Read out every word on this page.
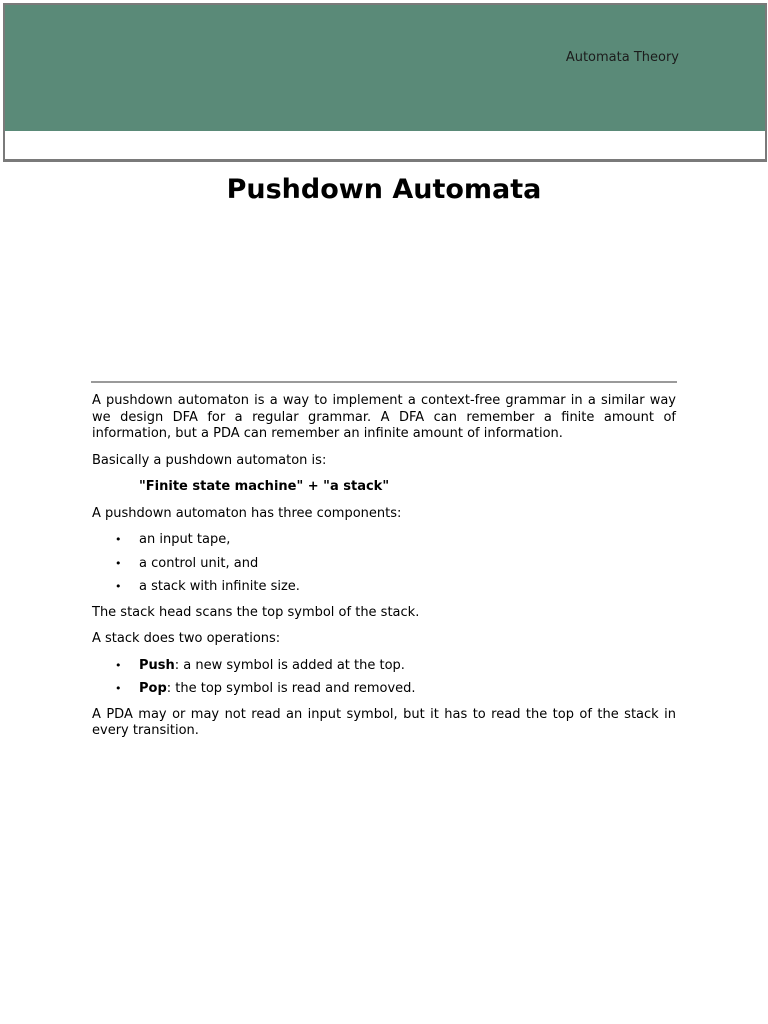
Automata Theory
Pushdown Automata

A pushdown automaton is a way to implement a context-free grammar in a similar way we design DFA for a regular grammar. A DFA can remember a finite amount of information, but a PDA can remember an infinite amount of information.

Basically a pushdown automaton is:

"Finite state machine" + "a stack"

A pushdown automaton has three components:

• an input tape,
• a control unit, and
• a stack with infinite size.

The stack head scans the top symbol of the stack.

A stack does two operations:

• Push: a new symbol is added at the top.
• Pop: the top symbol is read and removed.

A PDA may or may not read an input symbol, but it has to read the top of the stack in every transition.
